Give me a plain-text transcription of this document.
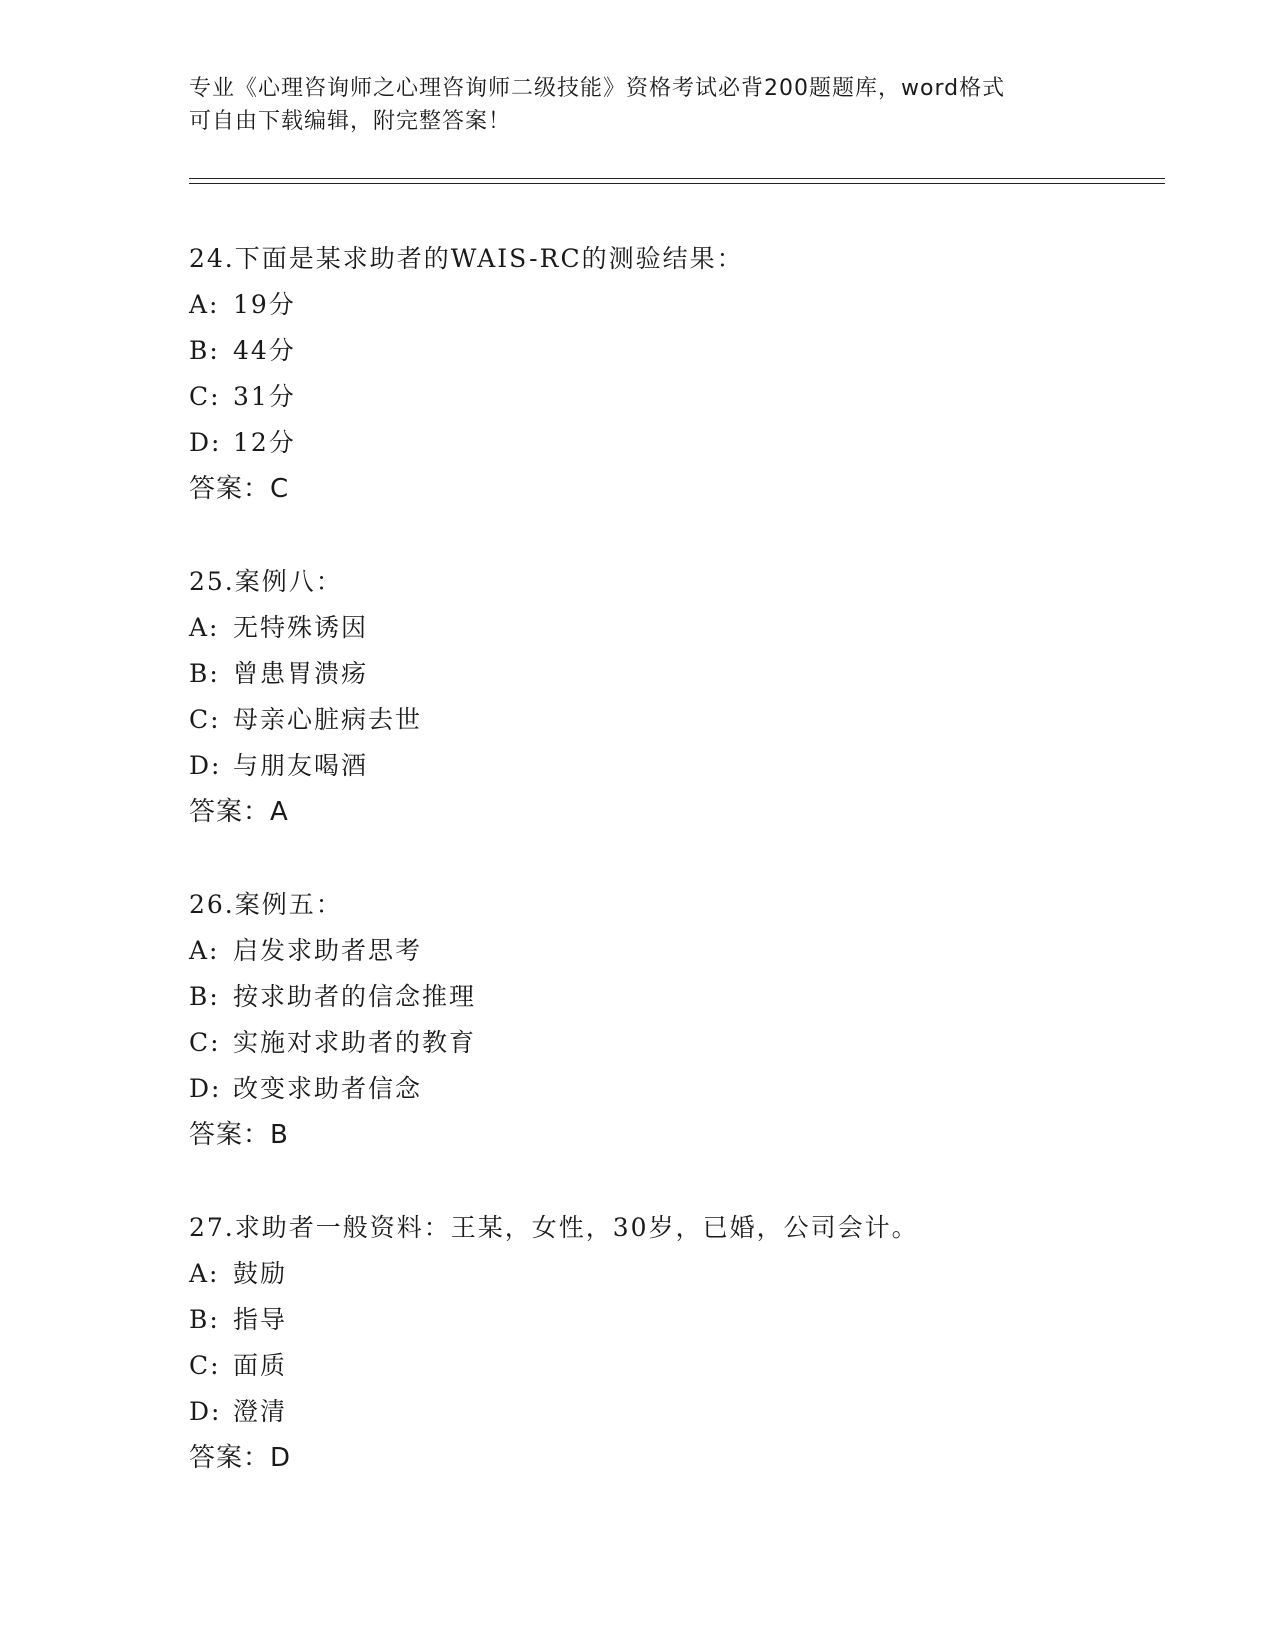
专业《心理咨询师之心理咨询师二级技能》资格考试必背200题题库，word格式
可自由下载编辑，附完整答案！
24.下面是某求助者的WAIS-RC的测验结果：
A: 19分
B: 44分
C: 31分
D: 12分
答案：C
25.案例八：
A: 无特殊诱因
B: 曾患胃溃疡
C: 母亲心脏病去世
D: 与朋友喝酒
答案：A
26.案例五：
A: 启发求助者思考
B: 按求助者的信念推理
C: 实施对求助者的教育
D: 改变求助者信念
答案：B
27.求助者一般资料：王某，女性，30岁，已婚，公司会计。
A: 鼓励
B: 指导
C: 面质
D: 澄清
答案：D
